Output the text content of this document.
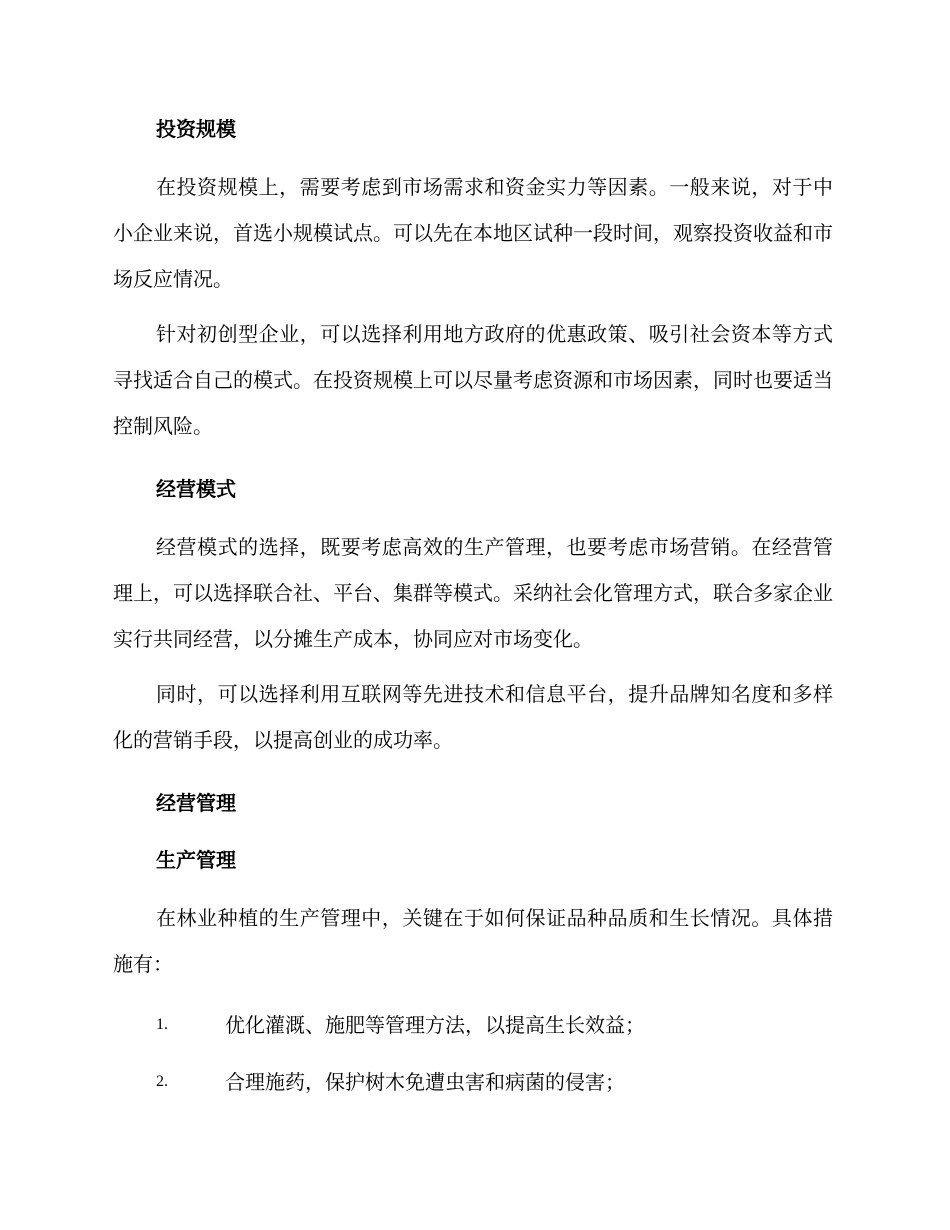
投资规模

在投资规模上，需要考虑到市场需求和资金实力等因素。一般来说，对于中小企业来说，首选小规模试点。可以先在本地区试种一段时间，观察投资收益和市场反应情况。

针对初创型企业，可以选择利用地方政府的优惠政策、吸引社会资本等方式寻找适合自己的模式。在投资规模上可以尽量考虑资源和市场因素，同时也要适当控制风险。

经营模式

经营模式的选择，既要考虑高效的生产管理，也要考虑市场营销。在经营管理上，可以选择联合社、平台、集群等模式。采纳社会化管理方式，联合多家企业实行共同经营，以分摊生产成本，协同应对市场变化。

同时，可以选择利用互联网等先进技术和信息平台，提升品牌知名度和多样化的营销手段，以提高创业的成功率。

经营管理
生产管理

在林业种植的生产管理中，关键在于如何保证品种品质和生长情况。具体措施有：

1.	优化灌溉、施肥等管理方法，以提高生长效益；
2.	合理施药，保护树木免遭虫害和病菌的侵害；
